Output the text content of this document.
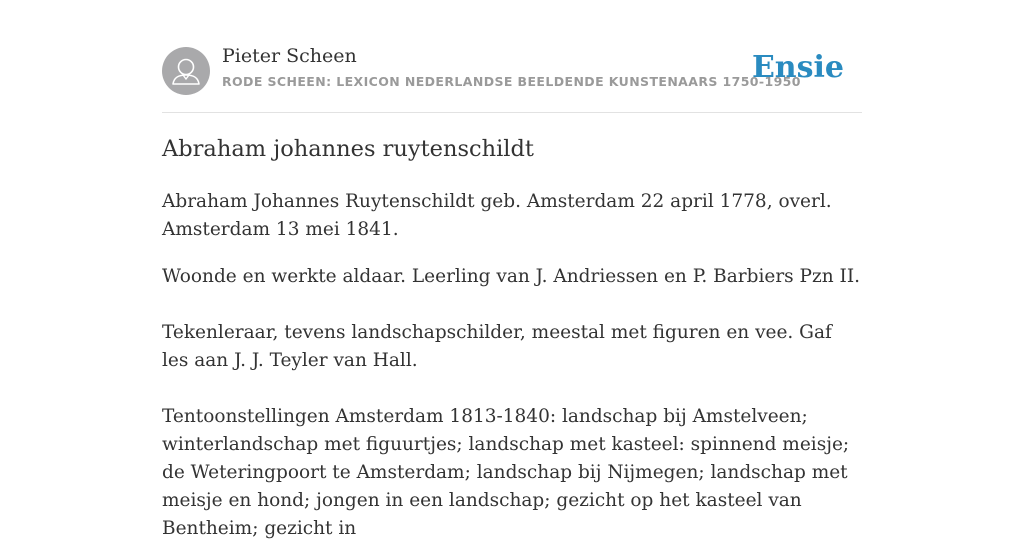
Pieter Scheen
RODE SCHEEN: LEXICON NEDERLANDSE BEELDENDE KUNSTENAARS 1750-1950
Ensie
Abraham johannes ruytenschildt

Abraham Johannes Ruytenschildt geb. Amsterdam 22 april 1778, overl. Amsterdam 13 mei 1841.

Woonde en werkte aldaar. Leerling van J. Andriessen en P. Barbiers Pzn II.

Tekenleraar, tevens landschapschilder, meestal met figuren en vee. Gaf les aan J. J. Teyler van Hall.

Tentoonstellingen Amsterdam 1813-1840: landschap bij Amstelveen; winterlandschap met figuurtjes; landschap met kasteel: spinnend meisje; de Weteringpoort te Amsterdam; landschap bij Nijmegen; landschap met meisje en hond; jongen in een landschap; gezicht op het kasteel van Bentheim; gezicht in
